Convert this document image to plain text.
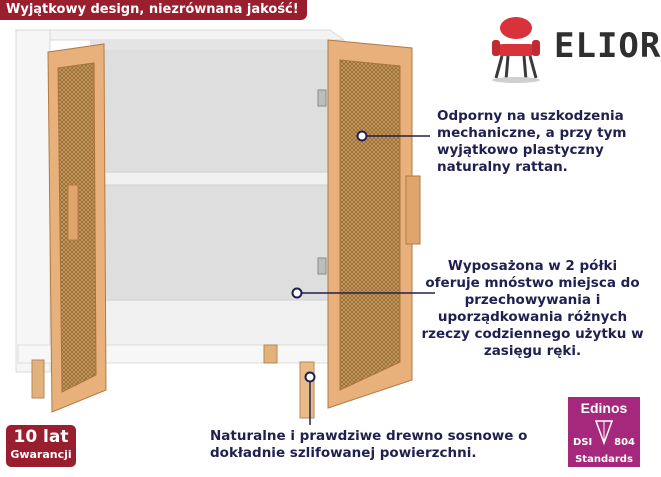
Wyjątkowy design, niezrównana jakość!
ELIOR
Odporny na uszkodzenia mechaniczne, a przy tym wyjątkowo plastyczny naturalny rattan.
Wyposażona w 2 półki oferuje mnóstwo miejsca do przechowywania i uporządkowania różnych rzeczy codziennego użytku w zasięgu ręki.
Naturalne i prawdziwe drewno sosnowe o dokładnie szlifowanej powierzchni.
10 lat
Gwarancji
Edinos
DSI 804
Standards
